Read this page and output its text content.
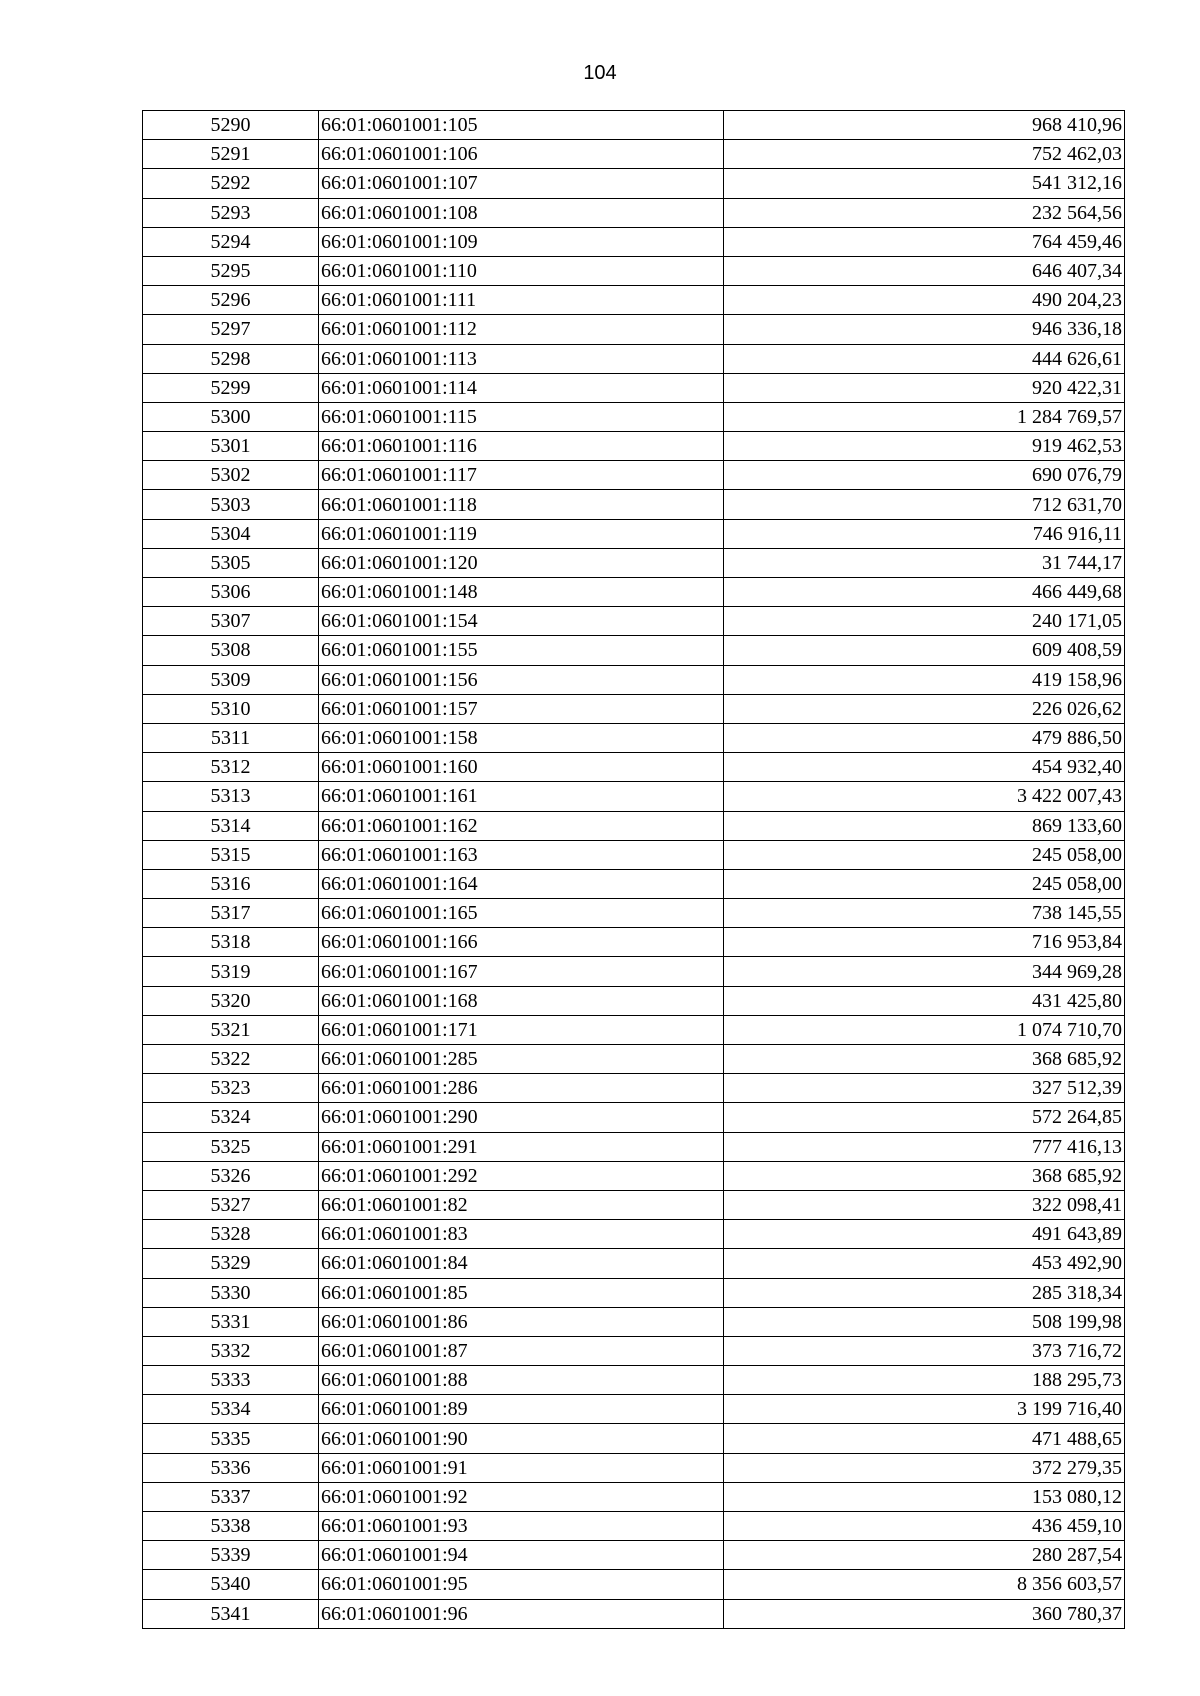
104
5290	66:01:0601001:105	968 410,96
5291	66:01:0601001:106	752 462,03
5292	66:01:0601001:107	541 312,16
5293	66:01:0601001:108	232 564,56
5294	66:01:0601001:109	764 459,46
5295	66:01:0601001:110	646 407,34
5296	66:01:0601001:111	490 204,23
5297	66:01:0601001:112	946 336,18
5298	66:01:0601001:113	444 626,61
5299	66:01:0601001:114	920 422,31
5300	66:01:0601001:115	1 284 769,57
5301	66:01:0601001:116	919 462,53
5302	66:01:0601001:117	690 076,79
5303	66:01:0601001:118	712 631,70
5304	66:01:0601001:119	746 916,11
5305	66:01:0601001:120	31 744,17
5306	66:01:0601001:148	466 449,68
5307	66:01:0601001:154	240 171,05
5308	66:01:0601001:155	609 408,59
5309	66:01:0601001:156	419 158,96
5310	66:01:0601001:157	226 026,62
5311	66:01:0601001:158	479 886,50
5312	66:01:0601001:160	454 932,40
5313	66:01:0601001:161	3 422 007,43
5314	66:01:0601001:162	869 133,60
5315	66:01:0601001:163	245 058,00
5316	66:01:0601001:164	245 058,00
5317	66:01:0601001:165	738 145,55
5318	66:01:0601001:166	716 953,84
5319	66:01:0601001:167	344 969,28
5320	66:01:0601001:168	431 425,80
5321	66:01:0601001:171	1 074 710,70
5322	66:01:0601001:285	368 685,92
5323	66:01:0601001:286	327 512,39
5324	66:01:0601001:290	572 264,85
5325	66:01:0601001:291	777 416,13
5326	66:01:0601001:292	368 685,92
5327	66:01:0601001:82	322 098,41
5328	66:01:0601001:83	491 643,89
5329	66:01:0601001:84	453 492,90
5330	66:01:0601001:85	285 318,34
5331	66:01:0601001:86	508 199,98
5332	66:01:0601001:87	373 716,72
5333	66:01:0601001:88	188 295,73
5334	66:01:0601001:89	3 199 716,40
5335	66:01:0601001:90	471 488,65
5336	66:01:0601001:91	372 279,35
5337	66:01:0601001:92	153 080,12
5338	66:01:0601001:93	436 459,10
5339	66:01:0601001:94	280 287,54
5340	66:01:0601001:95	8 356 603,57
5341	66:01:0601001:96	360 780,37
